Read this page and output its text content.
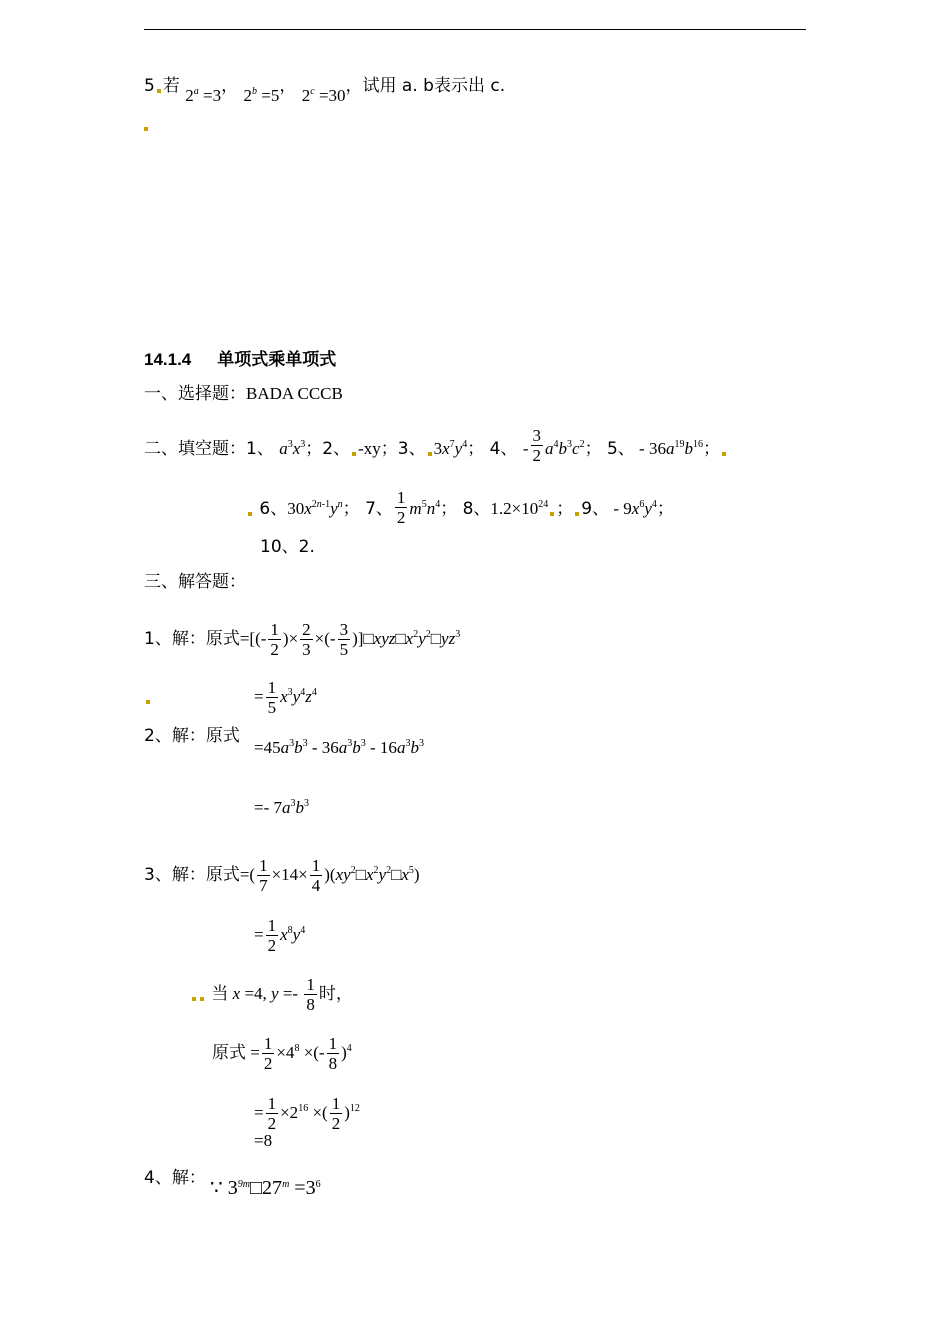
5 若 $2^a =3$， $2^b =5$， $2^c =30$，试用 a. b表示出 c.
14.1.4 单项式乘单项式
一、选择题：BADA CCCB
二、填空题：1、 $a^3x^3$；2、 -xy；3、 $3x^7y^4$； 4、 - $\frac{3}{2} a^4b^3c^2$； 5、 - $36a^{19}b^{16}$；
6、$30x^{2n-1}y^n$； 7、 $\frac{1}{2} m^5n^4$； 8、$1.2\times 10^{24}$ ； 9、 - $9x^6y^4$；
10、2.
三、解答题：
1、解：原式=[(- $\frac{1}{2}$ )× $\frac{2}{3}$ ×(- $\frac{3}{5}$ )]$□xyz□x^2y^2□yz^3$
= $\frac{1}{5} x^3y^4z^4$
2、解：原式
$=45a^3b^3 - 36a^3b^3 - 16a^3b^3$
=- $7a^3b^3$
3、解：原式=( $\frac{1}{7} \times 14\times \frac{1}{4}$ )$(xy^2□x^2y^2□x^5)$
= $\frac{1}{2} x^8y^4$
当 x =4, $y =- \frac{1}{8}$ 时，
原式 = $\frac{1}{2} \times 4^8$ ×(- $\frac{1}{8} )^4$
= $\frac{1}{2} \times 2^{16}$ ×( $\frac{1}{2} )^{12}$
=8
4、解： ∵ $3^{9m}□27^m =3^6$
